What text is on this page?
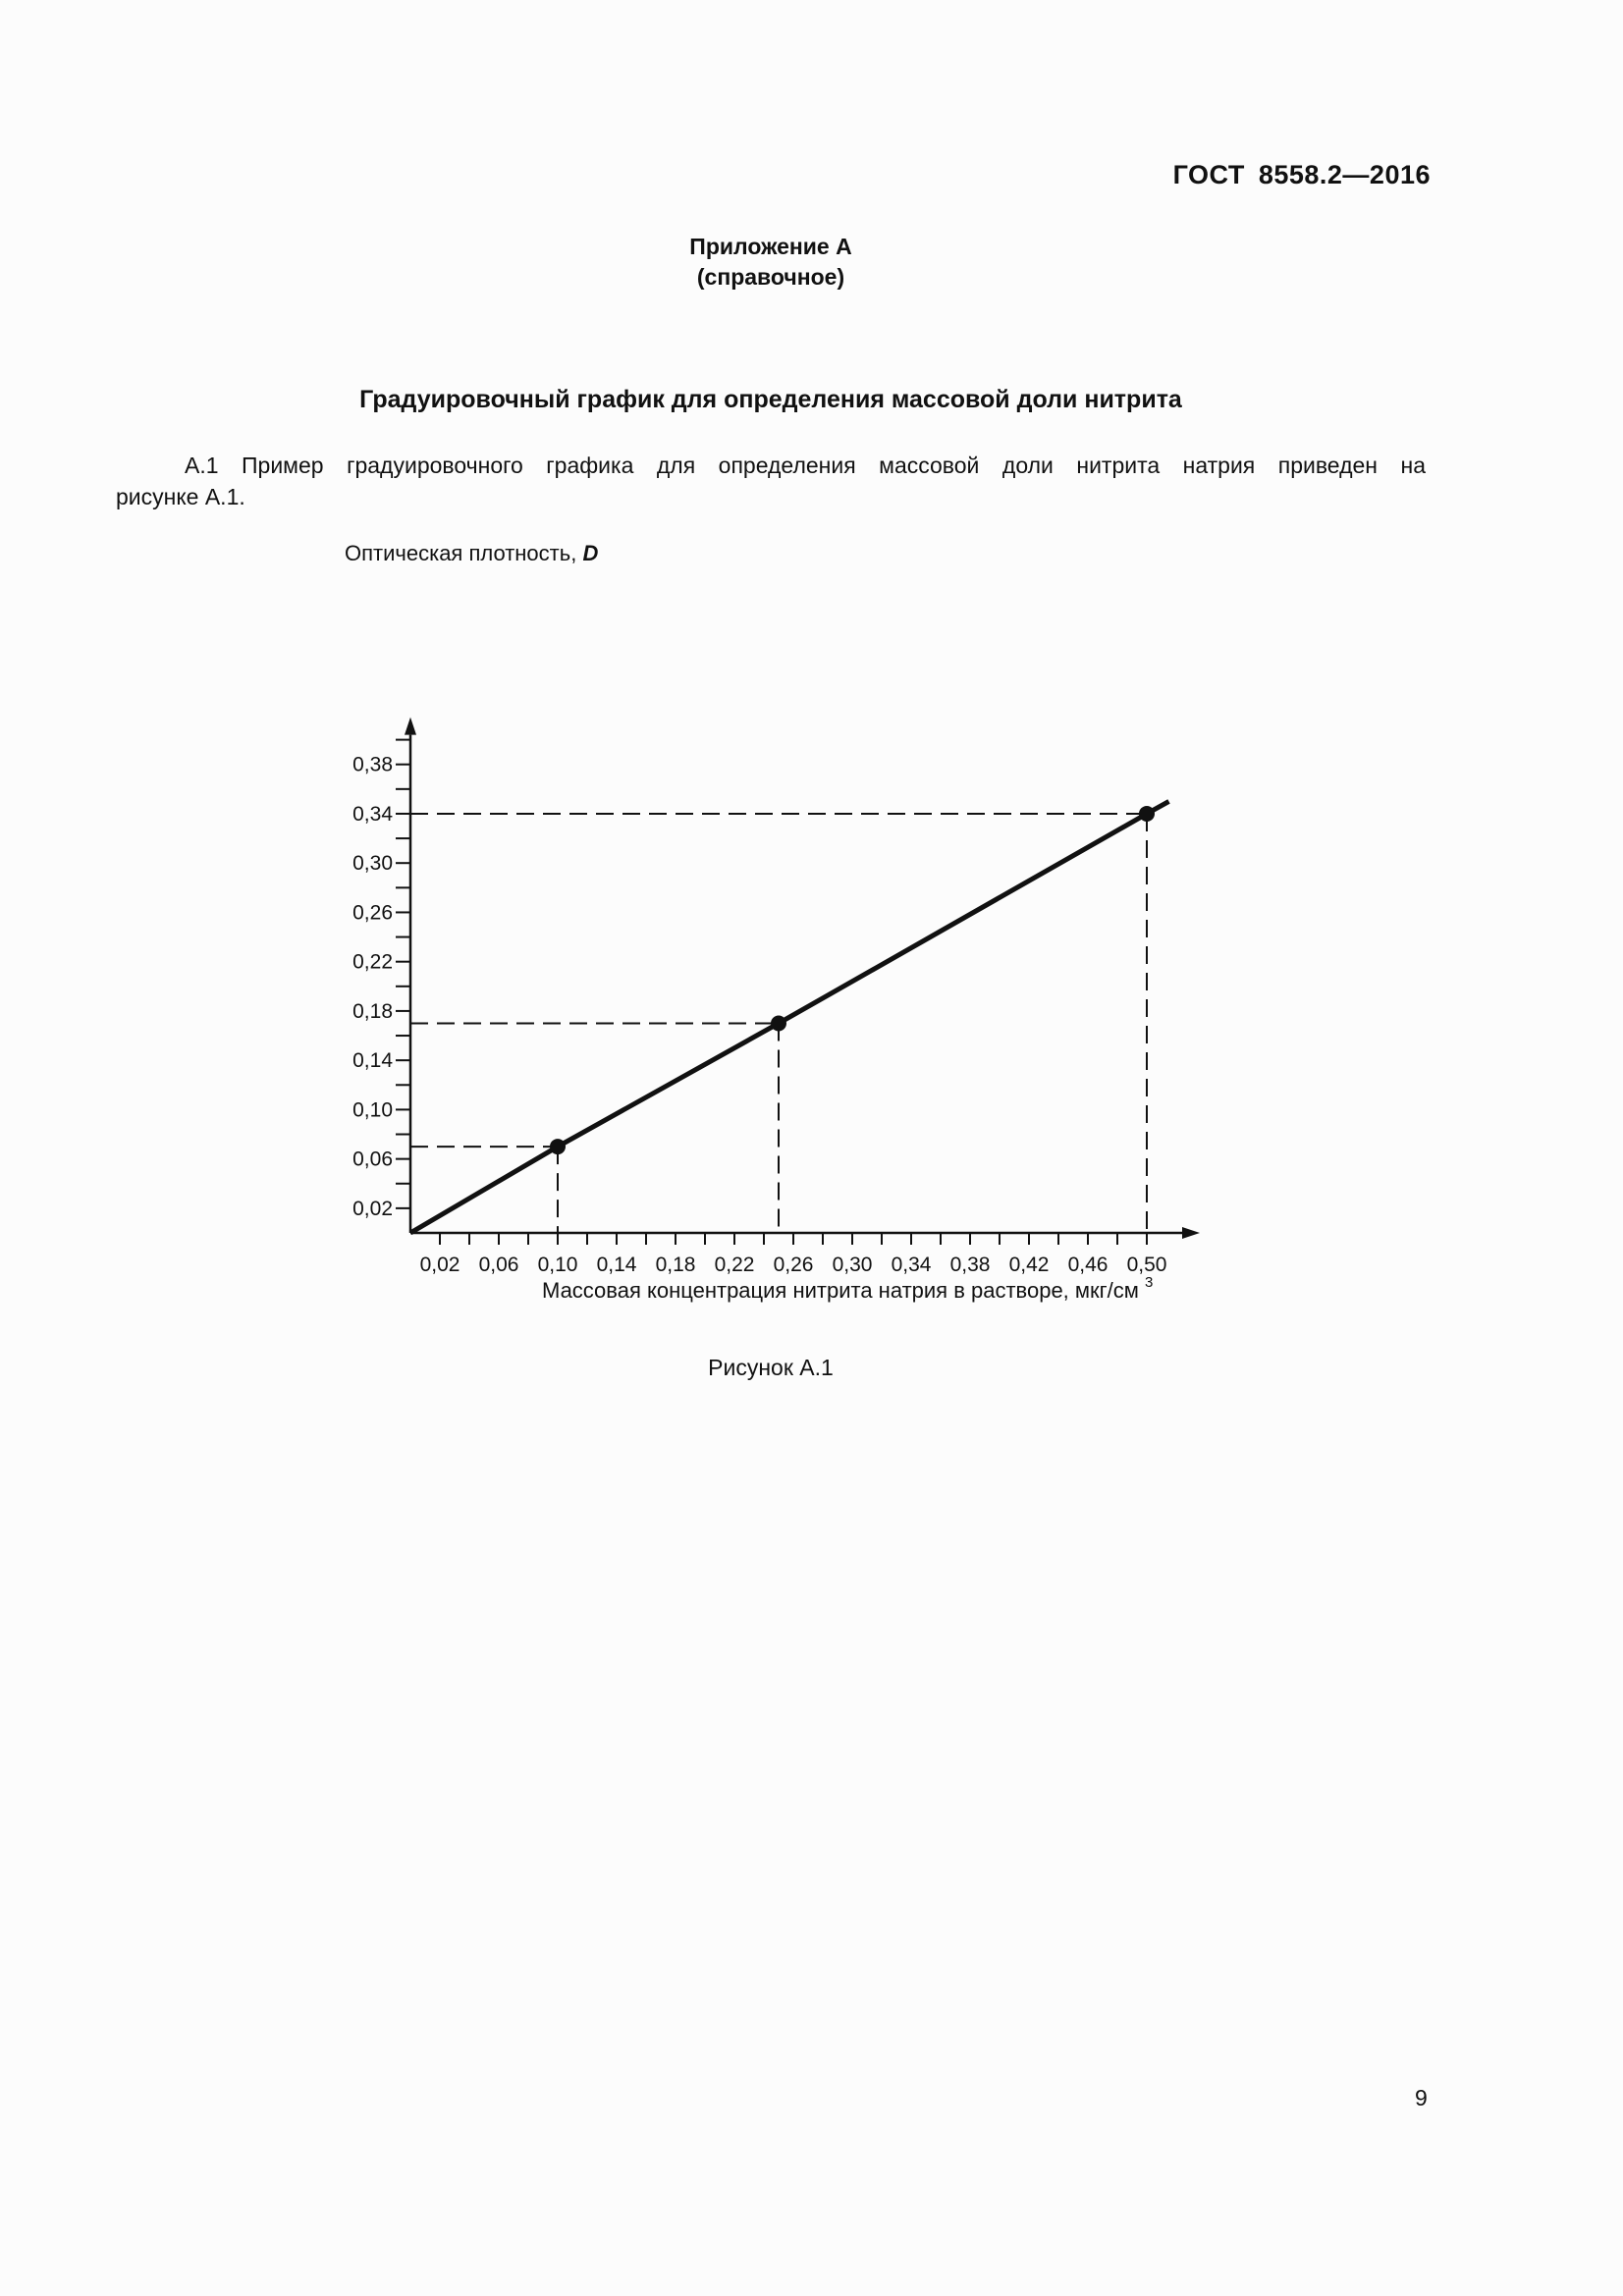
ГОСТ 8558.2—2016
Приложение А
(справочное)
Градуировочный график для определения массовой доли нитрита
А.1 Пример градуировочного графика для определения массовой доли нитрита натрия приведен на
рисунке А.1.
Оптическая плотность, D
Массовая концентрация нитрита натрия в растворе, мкг/см $^3$
0,02 0,06 0,10 0,14 0,18 0,22 0,26 0,30 0,34 0,38 0,42 0,46 0,50
0,02
0,06
0,10
0,14
0,18
0,22
0,26
0,30
0,34
0,38
Рисунок А.1
9
